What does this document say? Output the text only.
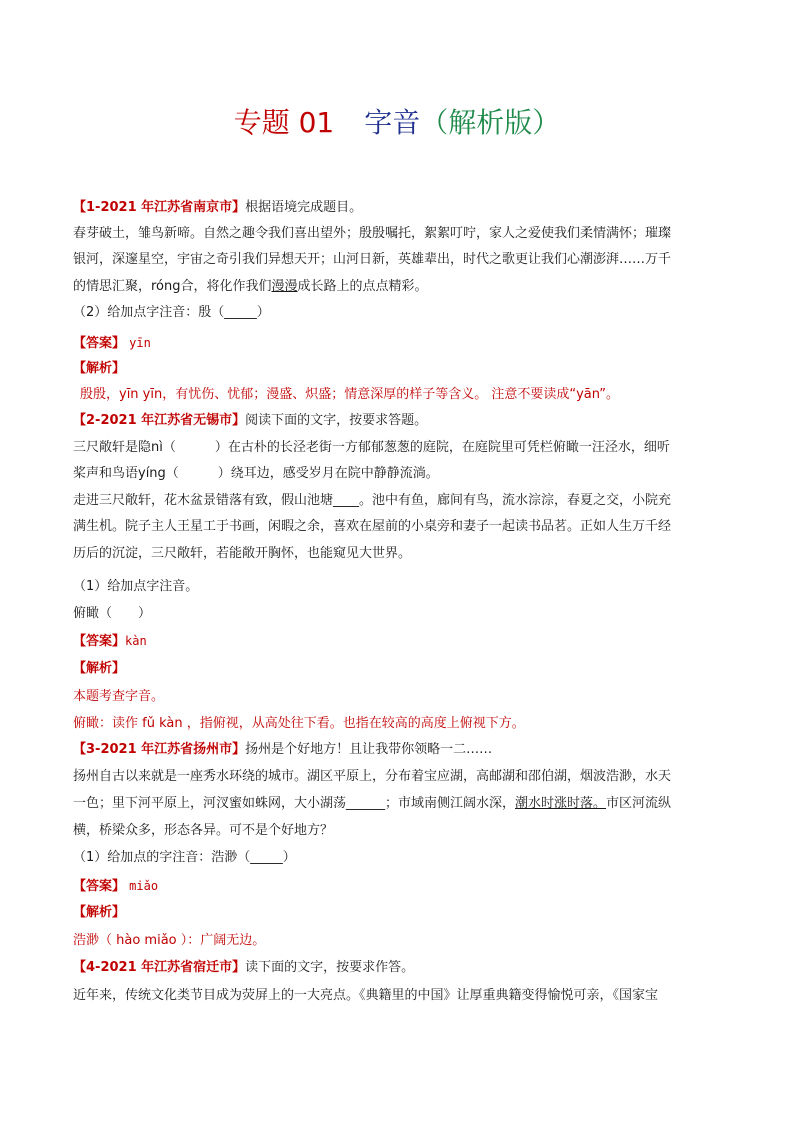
专题 01 字音（解析版）
【1-2021 年江苏省南京市】根据语境完成题目。
春芽破土，雏鸟新啼。自然之趣令我们喜出望外；殷殷嘱托，絮絮叮咛，家人之爱使我们柔情满怀；璀璨
银河，深邃星空，宇宙之奇引我们异想天开；山河日新，英雄辈出，时代之歌更让我们心潮澎湃……万千
的情思汇聚，róng合，将化作我们漫漫成长路上的点点精彩。
（2）给加点字注音：殷（_____）
【答案】 yīn
【解析】
殷殷，yīn yīn，有忧伤、忧郁；漫盛、炽盛；情意深厚的样子等含义。 注意不要读成“yān”。
【2-2021 年江苏省无锡市】阅读下面的文字，按要求答题。
三尺敞轩是隐nì（　　　）在古朴的长泾老街一方郁郁葱葱的庭院，在庭院里可凭栏俯瞰一汪泾水，细听
桨声和鸟语yíng（　　　）绕耳边，感受岁月在院中静静流淌。
走进三尺敞轩，花木盆景错落有致，假山池塘____。池中有鱼，廊间有鸟，流水淙淙，春夏之交，小院充
满生机。院子主人王星工于书画，闲暇之余，喜欢在屋前的小桌旁和妻子一起读书品茗。正如人生万千经
历后的沉淀，三尺敞轩，若能敞开胸怀，也能窥见大世界。
（1）给加点字注音。
俯瞰（　　）
【答案】kàn
【解析】
本题考查字音。
俯瞰：读作 fǔ kàn ，指俯视，从高处往下看。也指在较高的高度上俯视下方。
【3-2021 年江苏省扬州市】扬州是个好地方！且让我带你领略一二……
扬州自古以来就是一座秀水环绕的城市。湖区平原上，分布着宝应湖，高邮湖和邵伯湖，烟波浩渺，水天
一色；里下河平原上，河汊蜜如蛛网，大小湖荡______；市域南侧江阔水深，潮水时涨时落。市区河流纵
横，桥梁众多，形态各异。可不是个好地方？
（1）给加点的字注音：浩渺（_____）
【答案】 miǎo
【解析】
浩渺（ hào miǎo ）：广阔无边。
【4-2021 年江苏省宿迁市】读下面的文字，按要求作答。
近年来，传统文化类节目成为荧屏上的一大亮点。《典籍里的中国》让厚重典籍变得愉悦可亲，《国家宝
